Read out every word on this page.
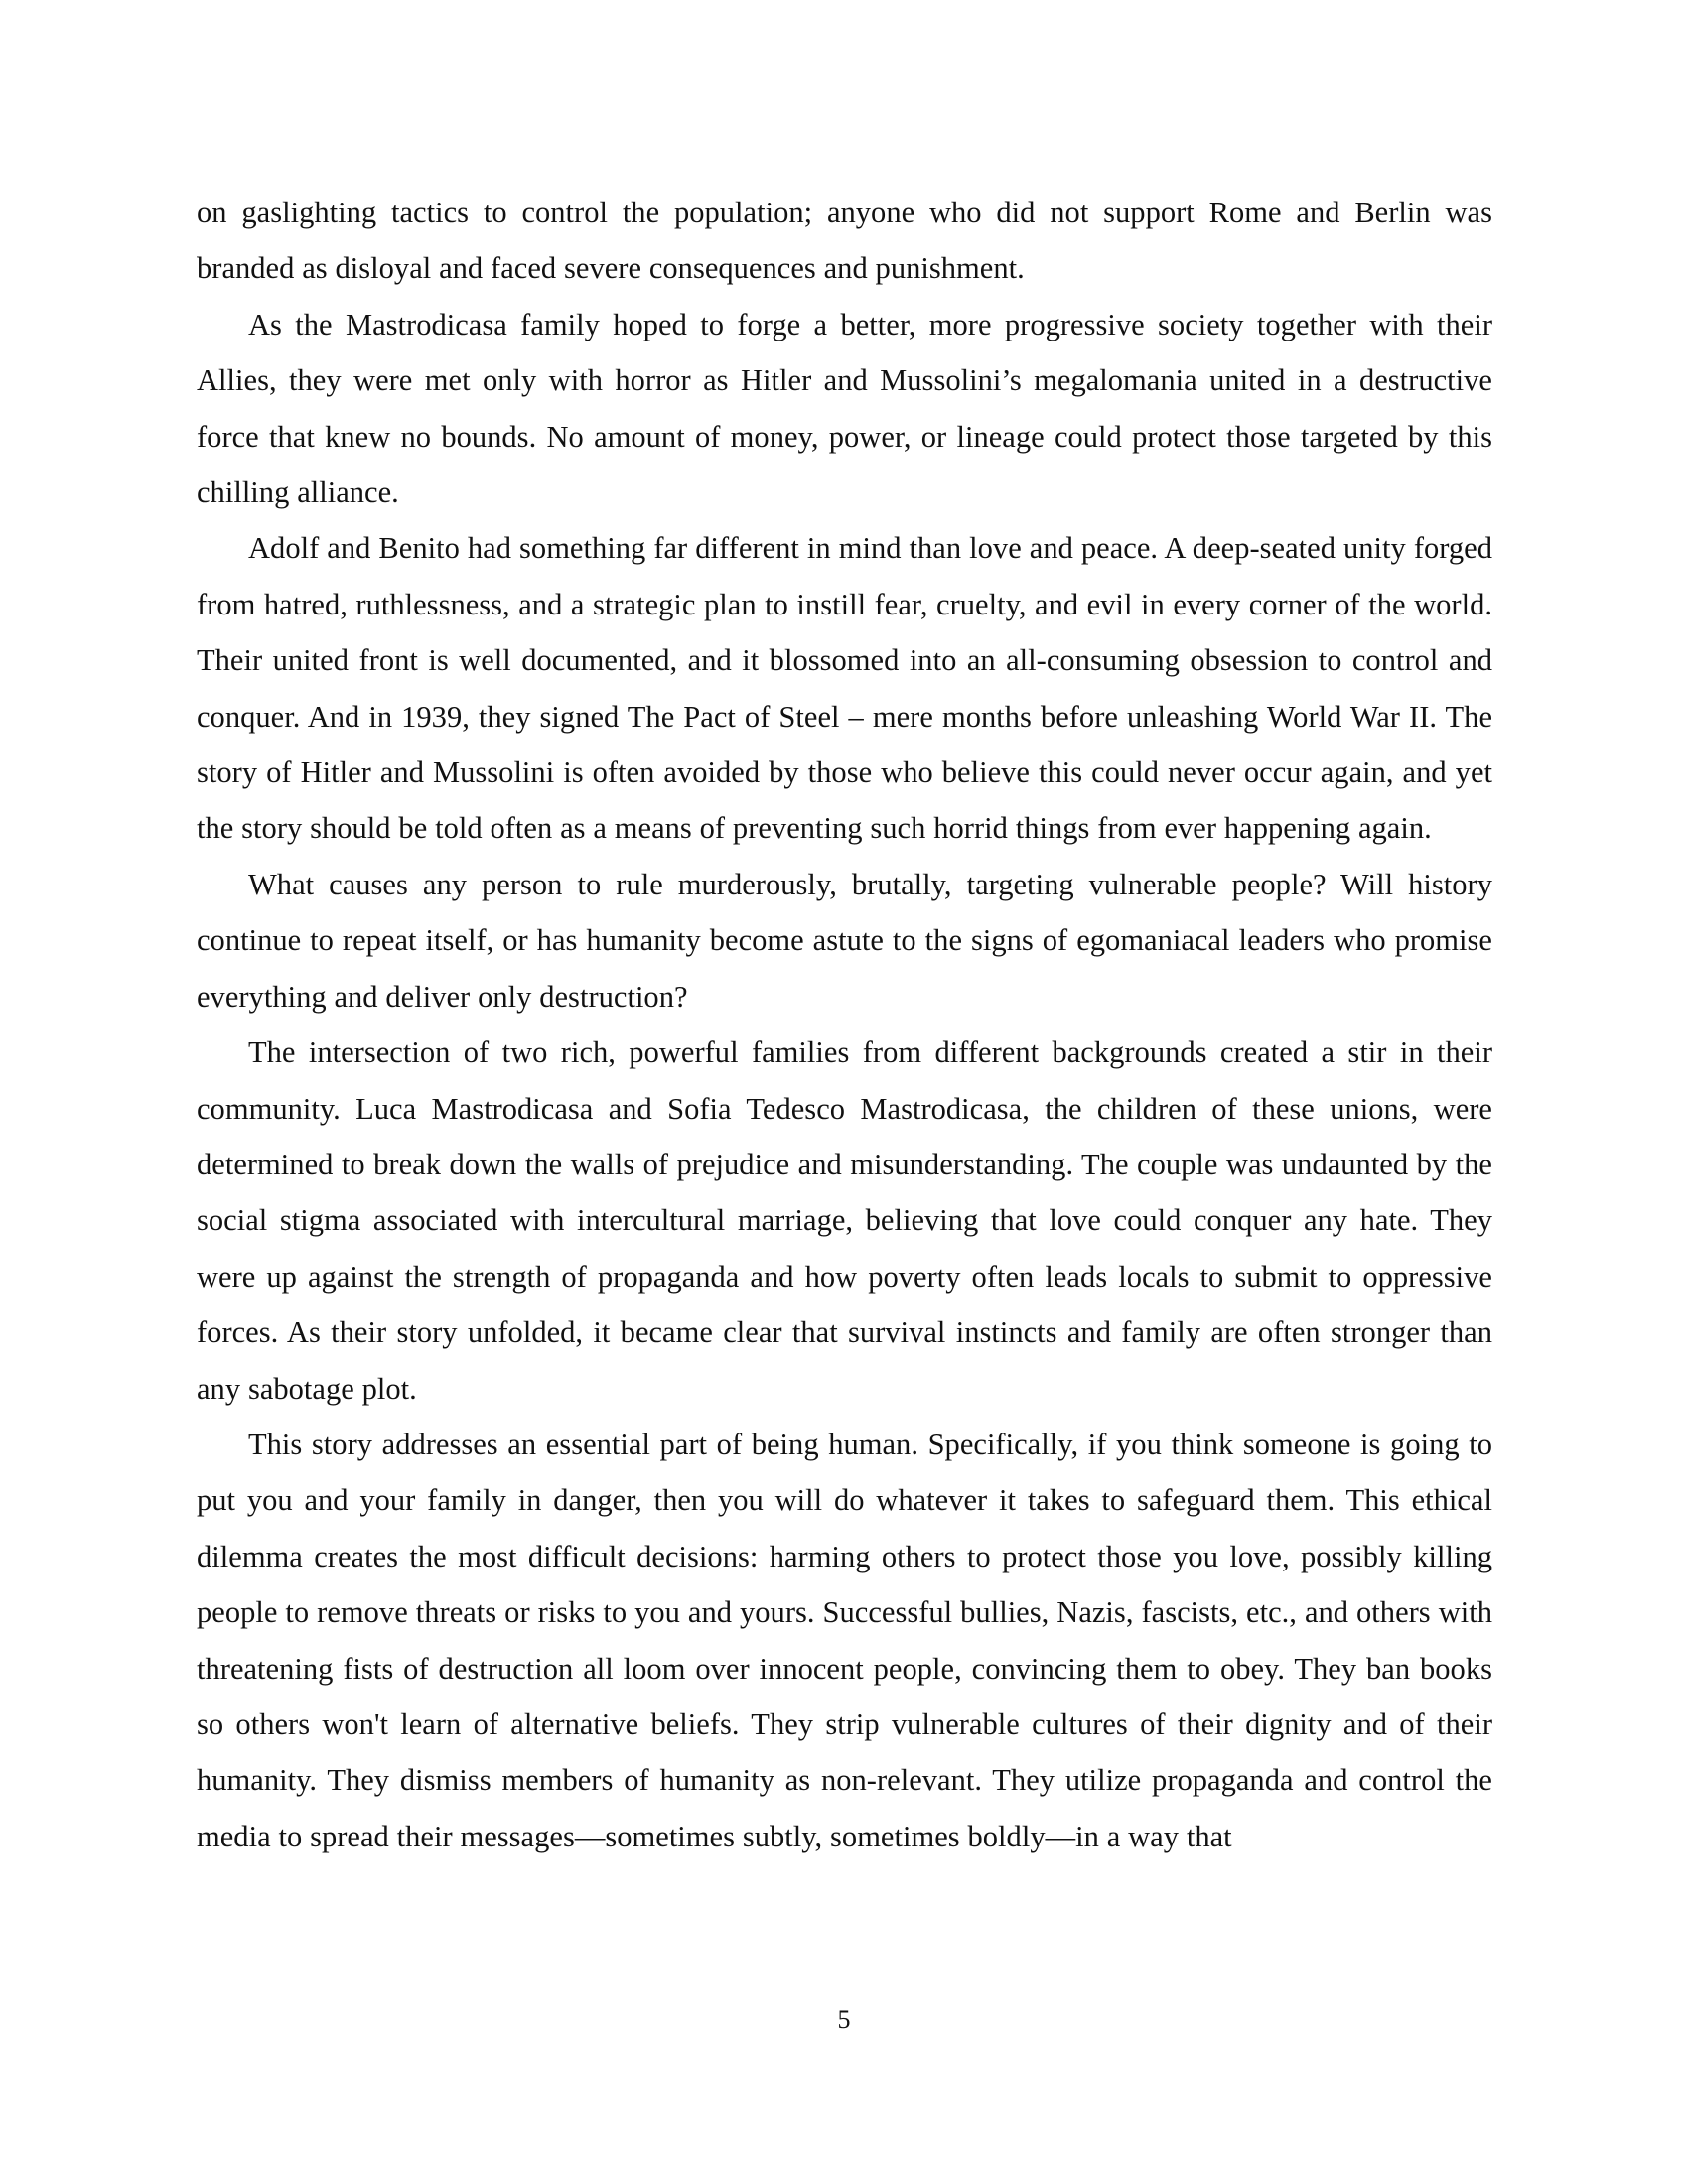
on gaslighting tactics to control the population; anyone who did not support Rome and Berlin was branded as disloyal and faced severe consequences and punishment.

As the Mastrodicasa family hoped to forge a better, more progressive society together with their Allies, they were met only with horror as Hitler and Mussolini’s megalomania united in a destructive force that knew no bounds. No amount of money, power, or lineage could protect those targeted by this chilling alliance.

Adolf and Benito had something far different in mind than love and peace. A deep-seated unity forged from hatred, ruthlessness, and a strategic plan to instill fear, cruelty, and evil in every corner of the world. Their united front is well documented, and it blossomed into an all-consuming obsession to control and conquer. And in 1939, they signed The Pact of Steel – mere months before unleashing World War II. The story of Hitler and Mussolini is often avoided by those who believe this could never occur again, and yet the story should be told often as a means of preventing such horrid things from ever happening again.

What causes any person to rule murderously, brutally, targeting vulnerable people? Will history continue to repeat itself, or has humanity become astute to the signs of egomaniacal leaders who promise everything and deliver only destruction?

The intersection of two rich, powerful families from different backgrounds created a stir in their community. Luca Mastrodicasa and Sofia Tedesco Mastrodicasa, the children of these unions, were determined to break down the walls of prejudice and misunderstanding. The couple was undaunted by the social stigma associated with intercultural marriage, believing that love could conquer any hate. They were up against the strength of propaganda and how poverty often leads locals to submit to oppressive forces. As their story unfolded, it became clear that survival instincts and family are often stronger than any sabotage plot.

This story addresses an essential part of being human. Specifically, if you think someone is going to put you and your family in danger, then you will do whatever it takes to safeguard them. This ethical dilemma creates the most difficult decisions: harming others to protect those you love, possibly killing people to remove threats or risks to you and yours. Successful bullies, Nazis, fascists, etc., and others with threatening fists of destruction all loom over innocent people, convincing them to obey. They ban books so others won't learn of alternative beliefs. They strip vulnerable cultures of their dignity and of their humanity. They dismiss members of humanity as non-relevant. They utilize propaganda and control the media to spread their messages—sometimes subtly, sometimes boldly—in a way that

5
